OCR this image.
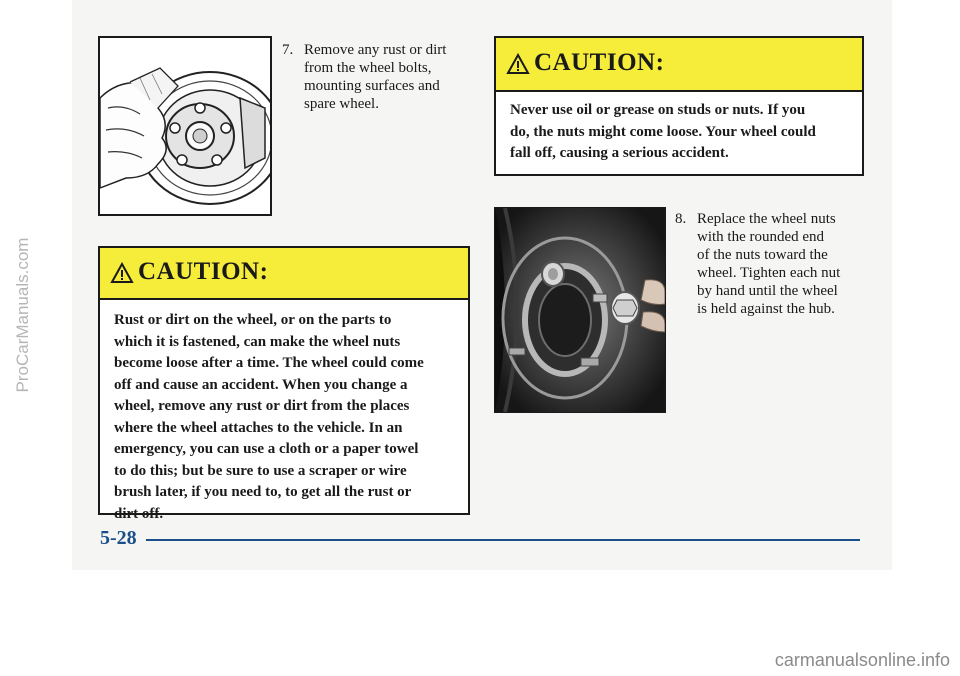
7. Remove any rust or dirt
from the wheel bolts,
mounting surfaces and
spare wheel.
CAUTION:
Rust or dirt on the wheel, or on the parts to
which it is fastened, can make the wheel nuts
become loose after a time. The wheel could come
off and cause an accident. When you change a
wheel, remove any rust or dirt from the places
where the wheel attaches to the vehicle. In an
emergency, you can use a cloth or a paper towel
to do this; but be sure to use a scraper or wire
brush later, if you need to, to get all the rust or
dirt off.
CAUTION:
Never use oil or grease on studs or nuts. If you
do, the nuts might come loose. Your wheel could
fall off, causing a serious accident.
8. Replace the wheel nuts
with the rounded end
of the nuts toward the
wheel. Tighten each nut
by hand until the wheel
is held against the hub.
5-28
ProCarManuals.com
carmanualsonline.info
